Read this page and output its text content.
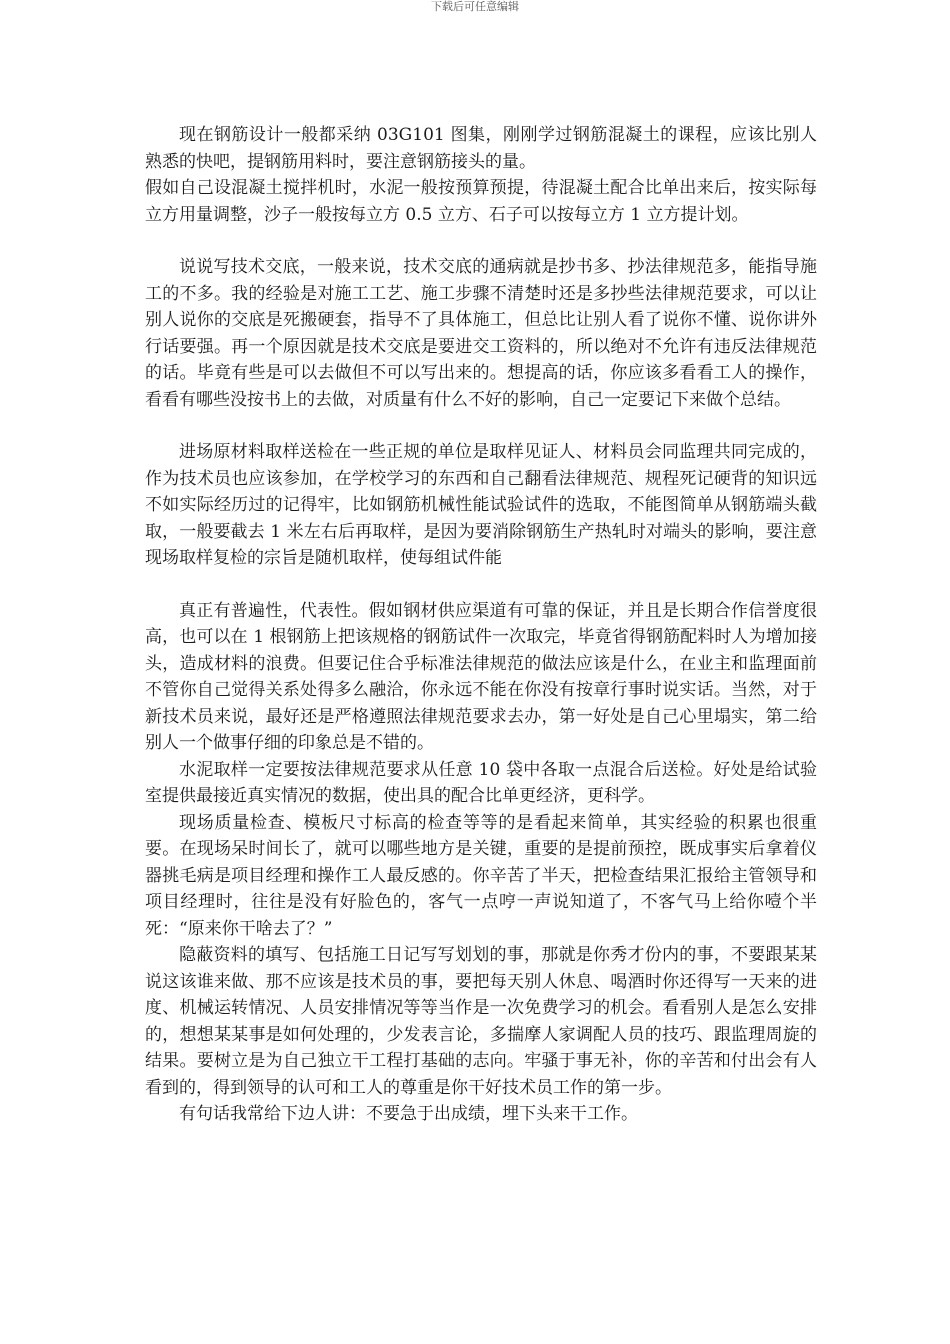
下载后可任意编辑

现在钢筋设计一般都采纳 03G101 图集，刚刚学过钢筋混凝土的课程，应该比别人熟悉的快吧，提钢筋用料时，要注意钢筋接头的量。

假如自己设混凝土搅拌机时，水泥一般按预算预提，待混凝土配合比单出来后，按实际每立方用量调整，沙子一般按每立方 0.5 立方、石子可以按每立方 1 立方提计划。

说说写技术交底，一般来说，技术交底的通病就是抄书多、抄法律规范多，能指导施工的不多。我的经验是对施工工艺、施工步骤不清楚时还是多抄些法律规范要求，可以让别人说你的交底是死搬硬套，指导不了具体施工，但总比让别人看了说你不懂、说你讲外行话要强。再一个原因就是技术交底是要进交工资料的，所以绝对不允许有违反法律规范的话。毕竟有些是可以去做但不可以写出来的。想提高的话，你应该多看看工人的操作，看看有哪些没按书上的去做，对质量有什么不好的影响，自己一定要记下来做个总结。

进场原材料取样送检在一些正规的单位是取样见证人、材料员会同监理共同完成的，作为技术员也应该参加，在学校学习的东西和自己翻看法律规范、规程死记硬背的知识远不如实际经历过的记得牢，比如钢筋机械性能试验试件的选取，不能图简单从钢筋端头截取，一般要截去 1 米左右后再取样，是因为要消除钢筋生产热轧时对端头的影响，要注意现场取样复检的宗旨是随机取样，使每组试件能

真正有普遍性，代表性。假如钢材供应渠道有可靠的保证，并且是长期合作信誉度很高，也可以在 1 根钢筋上把该规格的钢筋试件一次取完，毕竟省得钢筋配料时人为增加接头，造成材料的浪费。但要记住合乎标准法律规范的做法应该是什么，在业主和监理面前不管你自己觉得关系处得多么融洽，你永远不能在你没有按章行事时说实话。当然，对于新技术员来说，最好还是严格遵照法律规范要求去办，第一好处是自己心里塌实，第二给别人一个做事仔细的印象总是不错的。

水泥取样一定要按法律规范要求从任意 10 袋中各取一点混合后送检。好处是给试验室提供最接近真实情况的数据，使出具的配合比单更经济，更科学。

现场质量检查、模板尺寸标高的检查等等的是看起来简单，其实经验的积累也很重要。在现场呆时间长了，就可以哪些地方是关键，重要的是提前预控，既成事实后拿着仪器挑毛病是项目经理和操作工人最反感的。你辛苦了半天，把检查结果汇报给主管领导和项目经理时，往往是没有好脸色的，客气一点哼一声说知道了，不客气马上给你噎个半死：“原来你干啥去了？”

隐蔽资料的填写、包括施工日记写写划划的事，那就是你秀才份内的事，不要跟某某说这该谁来做、那不应该是技术员的事，要把每天别人休息、喝酒时你还得写一天来的进度、机械运转情况、人员安排情况等等当作是一次免费学习的机会。看看别人是怎么安排的，想想某某事是如何处理的，少发表言论，多揣摩人家调配人员的技巧、跟监理周旋的结果。要树立是为自己独立干工程打基础的志向。牢骚于事无补，你的辛苦和付出会有人看到的，得到领导的认可和工人的尊重是你干好技术员工作的第一步。

有句话我常给下边人讲：不要急于出成绩，埋下头来干工作。
